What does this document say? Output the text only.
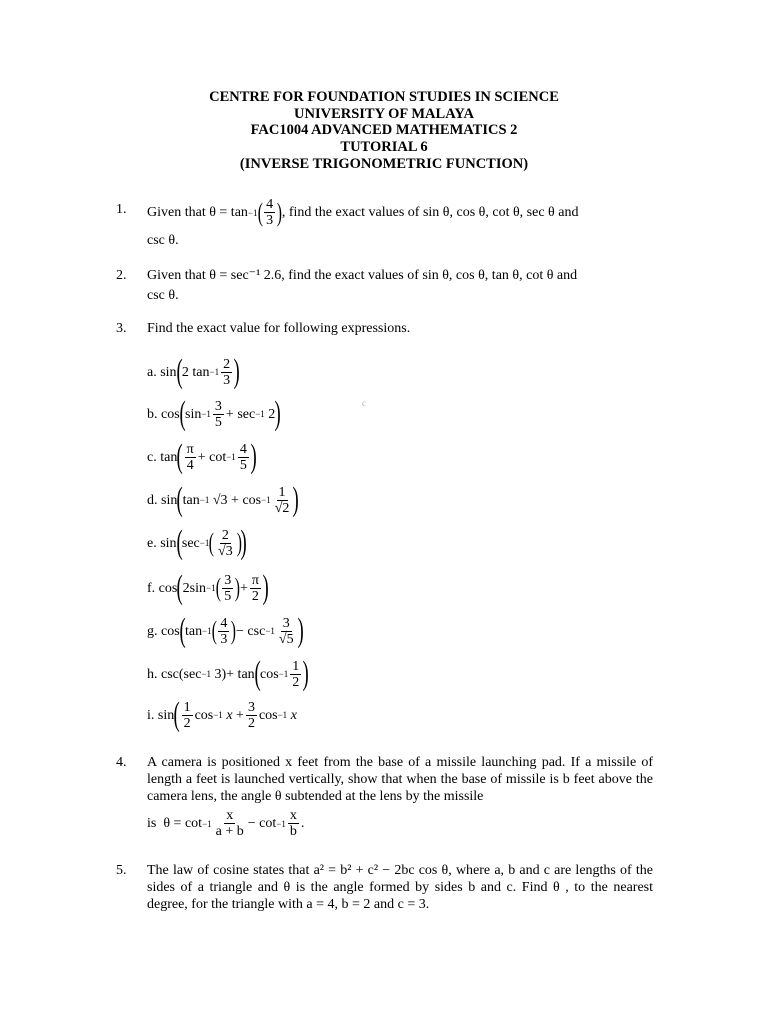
CENTRE FOR FOUNDATION STUDIES IN SCIENCE
UNIVERSITY OF MALAYA
FAC1004 ADVANCED MATHEMATICS 2
TUTORIAL 6
(INVERSE TRIGONOMETRIC FUNCTION)
1. Given that θ = tan −1 ( $\frac{4}{3}$ ) , find the exact values of sin θ, cos θ, cot θ, sec θ and
csc θ.
2. Given that θ = sec⁻¹ 2.6, find the exact values of sin θ, cos θ, tan θ, cot θ and
csc θ.
3. Find the exact value for following expressions.
a.
sin ( 2 $\tan -1 \frac{2}{3}$ )
b.
cos ( $\sin -1 \frac{3}{5} + \sec -1$
2 )
c.
tan ( $\frac{\pi}{4} + \cot -1 \frac{4}{5}$ )
d.
sin ( tan −1
√3
+ $\cos -1 \frac{1}{√2}$ )
e.
sin ( sec −1 ( $\frac{2}{√3}$ ) )
f.
cos ( 2sin −1 ( $\frac{3}{5}$ ) + $\frac{\pi}{2}$ )
g.
cos ( tan −1 ( $\frac{4}{3}$ ) − $\csc -1 \frac{3}{√5}$ )
h.
csc(sec −1
3)+ tan ( $\cos -1 \frac{1}{2}$ )
i.
sin ( $\frac{1}{2}$ cos −1
x
+ $\frac{3}{2}$ cos −1
x
4. A camera is positioned x feet from the base of a missile launching pad. If a missile of length a feet is launched vertically, show that when the base of missile is b feet above the camera lens, the angle θ subtended at the lens by the missile
is
$\theta = \cot -1 \frac{x}{a + b} - \cot -1 \frac{x}{b}$ .
5. The law of cosine states that a² = b² + c² − 2bc cos θ, where a, b and c are lengths of the sides of a triangle and θ is the angle formed by sides b and c. Find θ , to the nearest degree, for the triangle with a = 4, b = 2 and c = 3.
c
